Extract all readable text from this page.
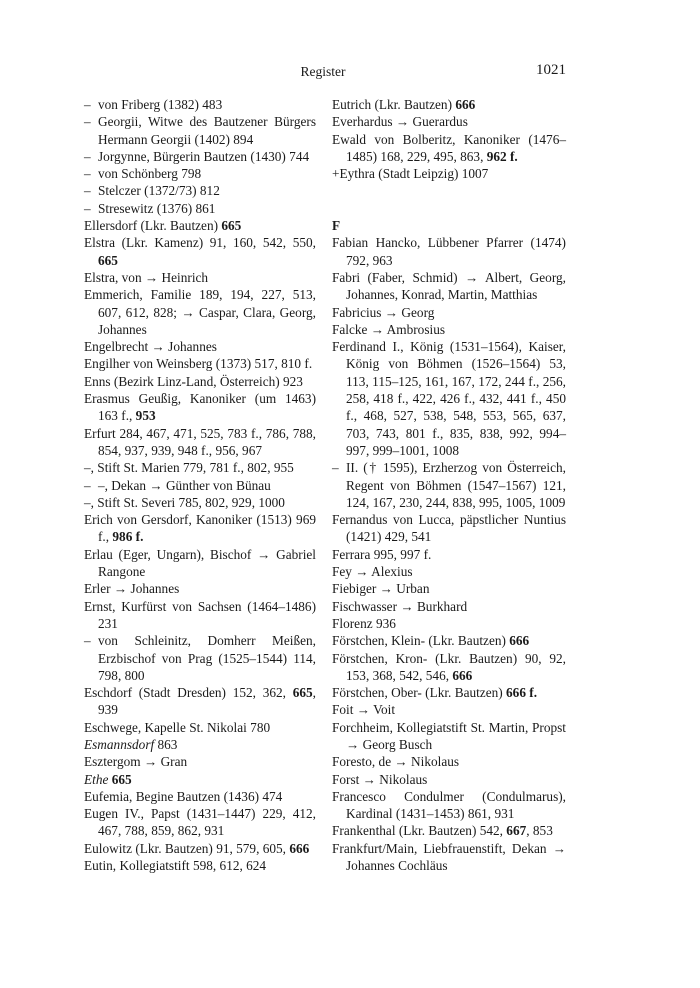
Register	1021
– von Friberg (1382) 483
– Georgii, Witwe des Bautzener Bürgers Hermann Georgii (1402) 894
– Jorgynne, Bürgerin Bautzen (1430) 744
– von Schönberg 798
– Stelczer (1372/73) 812
– Stresewitz (1376) 861
Ellersdorf (Lkr. Bautzen) 665
Elstra (Lkr. Kamenz) 91, 160, 542, 550, 665
Elstra, von → Heinrich
Emmerich, Familie 189, 194, 227, 513, 607, 612, 828; → Caspar, Clara, Georg, Johannes
Engelbrecht → Johannes
Engilher von Weinsberg (1373) 517, 810 f.
Enns (Bezirk Linz-Land, Österreich) 923
Erasmus Geußig, Kanoniker (um 1463) 163 f., 953
Erfurt 284, 467, 471, 525, 783 f., 786, 788, 854, 937, 939, 948 f., 956, 967
–, Stift St. Marien 779, 781 f., 802, 955
– –, Dekan → Günther von Bünau
–, Stift St. Severi 785, 802, 929, 1000
Erich von Gersdorf, Kanoniker (1513) 969 f., 986 f.
Erlau (Eger, Ungarn), Bischof → Gabriel Rangone
Erler → Johannes
Ernst, Kurfürst von Sachsen (1464–1486) 231
– von Schleinitz, Domherr Meißen, Erzbischof von Prag (1525–1544) 114, 798, 800
Eschdorf (Stadt Dresden) 152, 362, 665, 939
Eschwege, Kapelle St. Nikolai 780
Esmannsdorf 863
Esztergom → Gran
Ethe 665
Eufemia, Begine Bautzen (1436) 474
Eugen IV., Papst (1431–1447) 229, 412, 467, 788, 859, 862, 931
Eulowitz (Lkr. Bautzen) 91, 579, 605, 666
Eutin, Kollegiatstift 598, 612, 624
Eutrich (Lkr. Bautzen) 666
Everhardus → Guerardus
Ewald von Bolberitz, Kanoniker (1476–1485) 168, 229, 495, 863, 962 f.
+Eythra (Stadt Leipzig) 1007
F
Fabian Hancko, Lübbener Pfarrer (1474) 792, 963
Fabri (Faber, Schmid) → Albert, Georg, Johannes, Konrad, Martin, Matthias
Fabricius → Georg
Falcke → Ambrosius
Ferdinand I., König (1531–1564), Kaiser, König von Böhmen (1526–1564) 53, 113, 115–125, 161, 167, 172, 244 f., 256, 258, 418 f., 422, 426 f., 432, 441 f., 450 f., 468, 527, 538, 548, 553, 565, 637, 703, 743, 801 f., 835, 838, 992, 994–997, 999–1001, 1008
– II. († 1595), Erzherzog von Österreich, Regent von Böhmen (1547–1567) 121, 124, 167, 230, 244, 838, 995, 1005, 1009
Fernandus von Lucca, päpstlicher Nuntius (1421) 429, 541
Ferrara 995, 997 f.
Fey → Alexius
Fiebiger → Urban
Fischwasser → Burkhard
Florenz 936
Förstchen, Klein- (Lkr. Bautzen) 666
Förstchen, Kron- (Lkr. Bautzen) 90, 92, 153, 368, 542, 546, 666
Förstchen, Ober- (Lkr. Bautzen) 666 f.
Foit → Voit
Forchheim, Kollegiatstift St. Martin, Propst → Georg Busch
Foresto, de → Nikolaus
Forst → Nikolaus
Francesco Condulmer (Condulmarus), Kardinal (1431–1453) 861, 931
Frankenthal (Lkr. Bautzen) 542, 667, 853
Frankfurt/Main, Liebfrauenstift, Dekan → Johannes Cochläus
